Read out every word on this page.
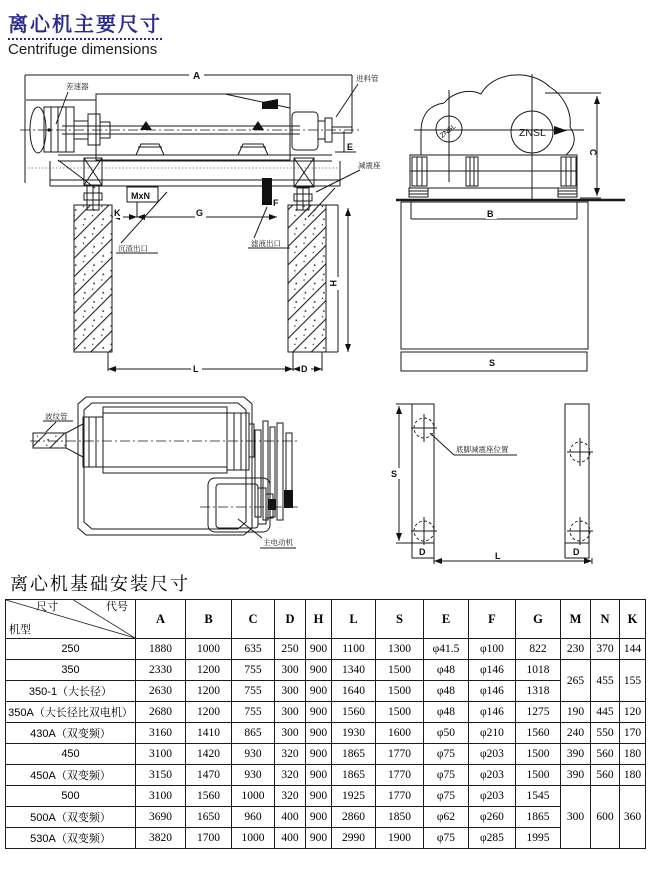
离心机主要尺寸
Centrifuge dimensions
A
E
H
K	G
MxN
F
差速器
进料管
减震座
沉渣出口
滤液出口
L	D
ZNSL	ZNSL
C
B
S
波纹管
主电动机
S
D	D
L
底脚减震座位置
离心机基础安装尺寸
尺寸 代号
机型	A	B	C	D	H	L	S	E	F	G	M	N	K
250	1880	1000	635	250	900	1100	1300	φ41.5	φ100	822	230	370	144
350	2330	1200	755	300	900	1340	1500	φ48	φ146	1018	265	455	155
350-1（大长径）	2630	1200	755	300	900	1640	1500	φ48	φ146	1318			
350A（大长径比双电机）	2680	1200	755	300	900	1560	1500	φ48	φ146	1275	190	445	120
430A（双变频）	3160	1410	865	300	900	1930	1600	φ50	φ210	1560	240	550	170
450	3100	1420	930	320	900	1865	1770	φ75	φ203	1500	390	560	180
450A（双变频）	3150	1470	930	320	900	1865	1770	φ75	φ203	1500	390	560	180
500	3100	1560	1000	320	900	1925	1770	φ75	φ203	1545	300	600	360
500A（双变频）	3690	1650	960	400	900	2860	1850	φ62	φ260	1865			
530A（双变频）	3820	1700	1000	400	900	2990	1900	φ75	φ285	1995			
